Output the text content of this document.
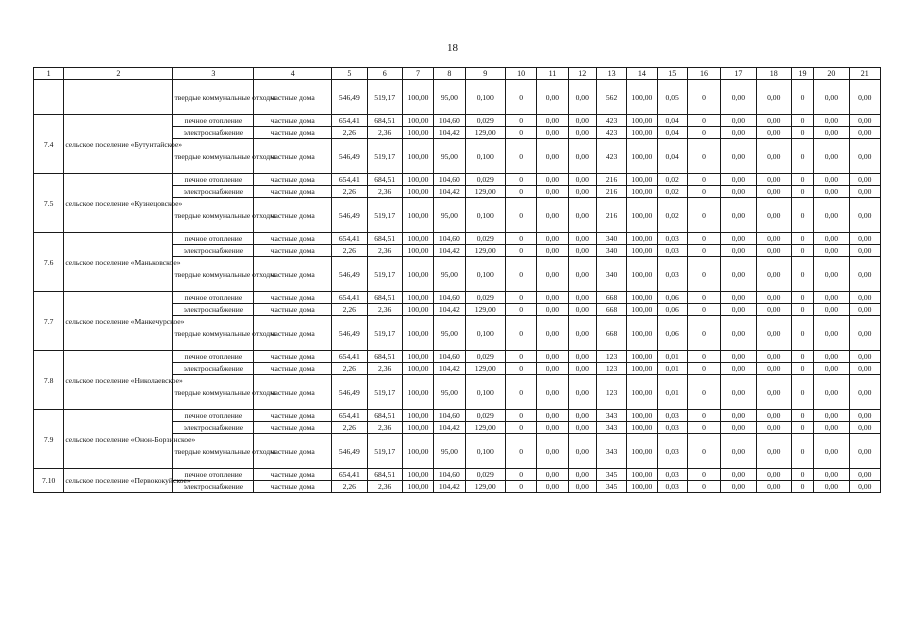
18
1	2	3	4	5	6	7	8	9	10	11	12	13	14	15	16	17	18	19	20	21
		твердые коммунальные отходы	частные дома	546,49	519,17	100,00	95,00	0,100	0	0,00	0,00	562	100,00	0,05	0	0,00	0,00	0	0,00	0,00
7.4	сельское поселение «Бутунтайское»	печное отопление	частные дома	654,41	684,51	100,00	104,60	0,029	0	0,00	0,00	423	100,00	0,04	0	0,00	0,00	0	0,00	0,00
		электроснабжение	частные дома	2,26	2,36	100,00	104,42	129,00	0	0,00	0,00	423	100,00	0,04	0	0,00	0,00	0	0,00	0,00
		твердые коммунальные отходы	частные дома	546,49	519,17	100,00	95,00	0,100	0	0,00	0,00	423	100,00	0,04	0	0,00	0,00	0	0,00	0,00
7.5	сельское поселение «Кузнецовское»	печное отопление	частные дома	654,41	684,51	100,00	104,60	0,029	0	0,00	0,00	216	100,00	0,02	0	0,00	0,00	0	0,00	0,00
		электроснабжение	частные дома	2,26	2,36	100,00	104,42	129,00	0	0,00	0,00	216	100,00	0,02	0	0,00	0,00	0	0,00	0,00
		твердые коммунальные отходы	частные дома	546,49	519,17	100,00	95,00	0,100	0	0,00	0,00	216	100,00	0,02	0	0,00	0,00	0	0,00	0,00
7.6	сельское поселение «Маньковское»	печное отопление	частные дома	654,41	684,51	100,00	104,60	0,029	0	0,00	0,00	340	100,00	0,03	0	0,00	0,00	0	0,00	0,00
		электроснабжение	частные дома	2,26	2,36	100,00	104,42	129,00	0	0,00	0,00	340	100,00	0,03	0	0,00	0,00	0	0,00	0,00
		твердые коммунальные отходы	частные дома	546,49	519,17	100,00	95,00	0,100	0	0,00	0,00	340	100,00	0,03	0	0,00	0,00	0	0,00	0,00
7.7	сельское поселение «Манкечурское»	печное отопление	частные дома	654,41	684,51	100,00	104,60	0,029	0	0,00	0,00	668	100,00	0,06	0	0,00	0,00	0	0,00	0,00
		электроснабжение	частные дома	2,26	2,36	100,00	104,42	129,00	0	0,00	0,00	668	100,00	0,06	0	0,00	0,00	0	0,00	0,00
		твердые коммунальные отходы	частные дома	546,49	519,17	100,00	95,00	0,100	0	0,00	0,00	668	100,00	0,06	0	0,00	0,00	0	0,00	0,00
7.8	сельское поселение «Николаевское»	печное отопление	частные дома	654,41	684,51	100,00	104,60	0,029	0	0,00	0,00	123	100,00	0,01	0	0,00	0,00	0	0,00	0,00
		электроснабжение	частные дома	2,26	2,36	100,00	104,42	129,00	0	0,00	0,00	123	100,00	0,01	0	0,00	0,00	0	0,00	0,00
		твердые коммунальные отходы	частные дома	546,49	519,17	100,00	95,00	0,100	0	0,00	0,00	123	100,00	0,01	0	0,00	0,00	0	0,00	0,00
7.9	сельское поселение «Онон-Борзинское»	печное отопление	частные дома	654,41	684,51	100,00	104,60	0,029	0	0,00	0,00	343	100,00	0,03	0	0,00	0,00	0	0,00	0,00
		электроснабжение	частные дома	2,26	2,36	100,00	104,42	129,00	0	0,00	0,00	343	100,00	0,03	0	0,00	0,00	0	0,00	0,00
		твердые коммунальные отходы	частные дома	546,49	519,17	100,00	95,00	0,100	0	0,00	0,00	343	100,00	0,03	0	0,00	0,00	0	0,00	0,00
7.10	сельское поселение «Первококуйское»	печное отопление	частные дома	654,41	684,51	100,00	104,60	0,029	0	0,00	0,00	345	100,00	0,03	0	0,00	0,00	0	0,00	0,00
		электроснабжение	частные дома	2,26	2,36	100,00	104,42	129,00	0	0,00	0,00	345	100,00	0,03	0	0,00	0,00	0	0,00	0,00
